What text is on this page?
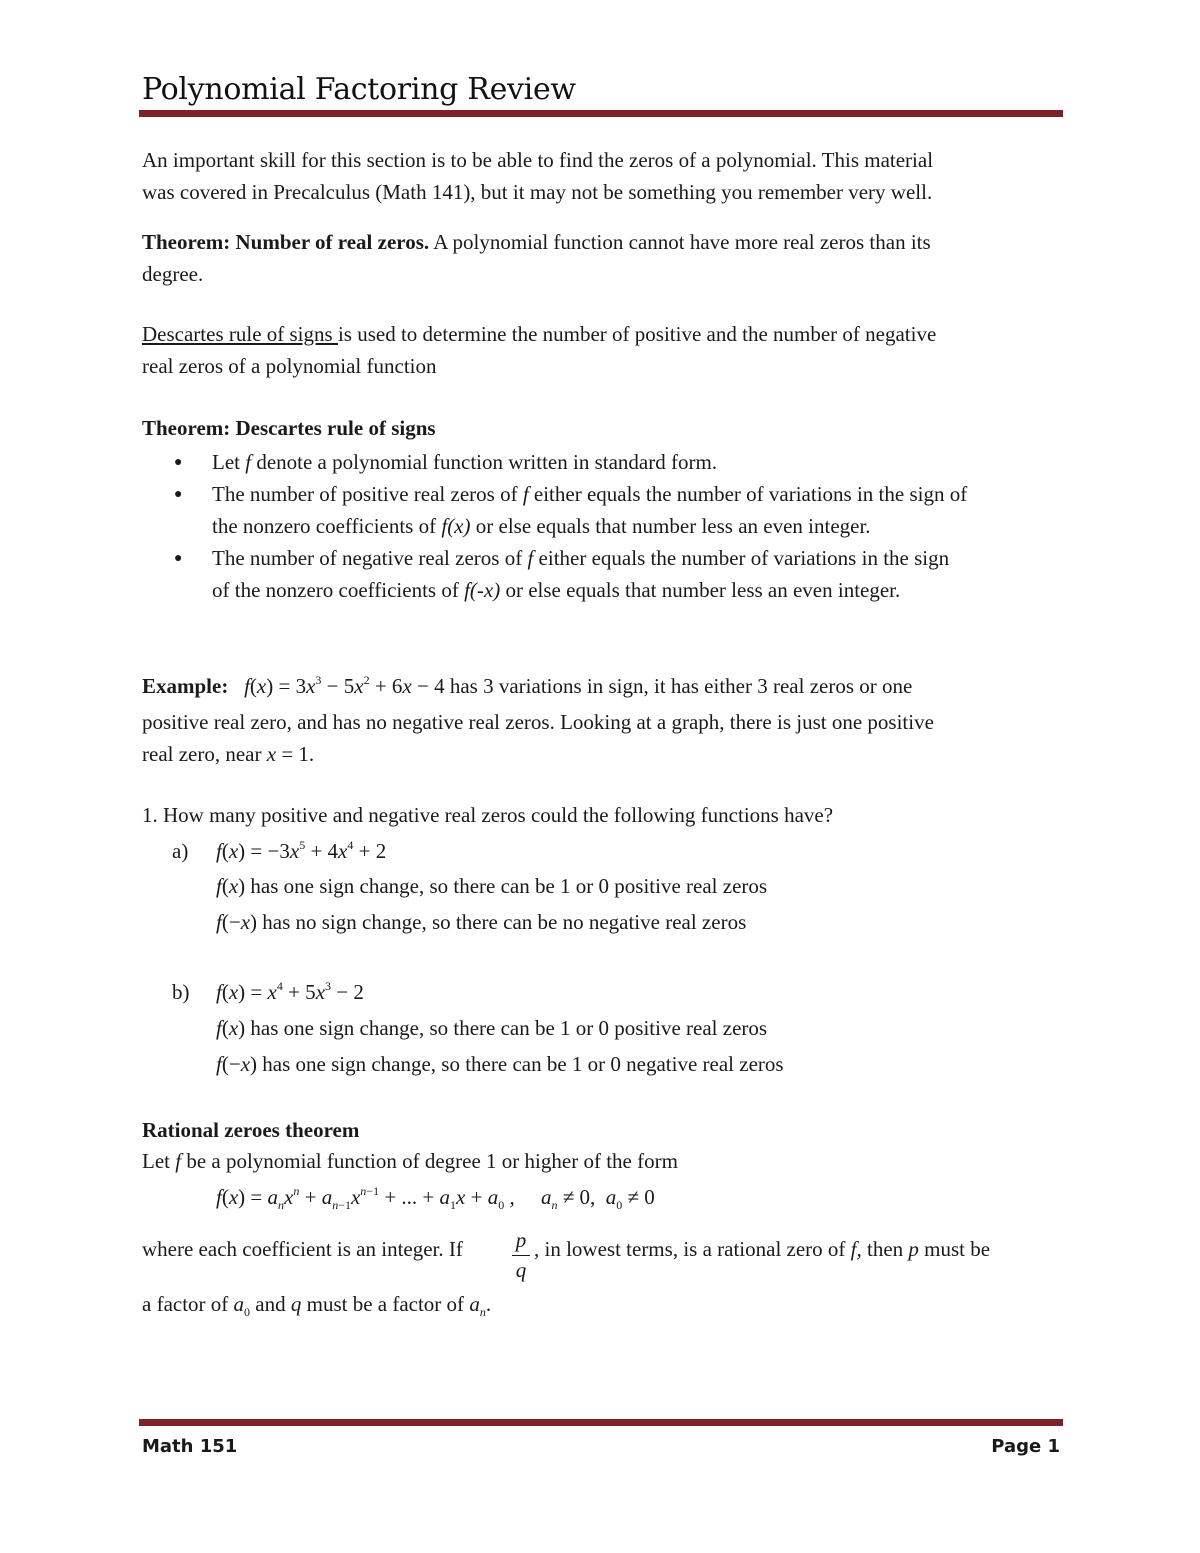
Polynomial Factoring Review
An important skill for this section is to be able to find the zeros of a polynomial. This material
was covered in Precalculus (Math 141), but it may not be something you remember very well.
Theorem: Number of real zeros. A polynomial function cannot have more real zeros than its
degree.
Descartes rule of signs is used to determine the number of positive and the number of negative
real zeros of a polynomial function
Theorem: Descartes rule of signs
● Let f denote a polynomial function written in standard form.
● The number of positive real zeros of f either equals the number of variations in the sign of
the nonzero coefficients of f(x) or else equals that number less an even integer.
● The number of negative real zeros of f either equals the number of variations in the sign
of the nonzero coefficients of f(-x) or else equals that number less an even integer.
Example: $f(x) = 3x^3 - 5x^2 + 6x - 4$ has 3 variations in sign, it has either 3 real zeros or one
positive real zero, and has no negative real zeros. Looking at a graph, there is just one positive
real zero, near x = 1.
1. How many positive and negative real zeros could the following functions have?
a) $f(x) = -3x^5 + 4x^4 + 2$
f(x) has one sign change, so there can be 1 or 0 positive real zeros
f(−x) has no sign change, so there can be no negative real zeros
b) $f(x) = x^4 + 5x^3 - 2$
f(x) has one sign change, so there can be 1 or 0 positive real zeros
f(−x) has one sign change, so there can be 1 or 0 negative real zeros
Rational zeroes theorem
Let f be a polynomial function of degree 1 or higher of the form
$f(x) = a_nx^n + a_{n-1}x^{n-1}$ + ... + $a_1x + a_0$ ,     $a_n \ne 0$,  $a_0 \ne 0$
where each coefficient is an integer. If $\frac{p}{q}$ , in lowest terms, is a rational zero of f, then p must be
a factor of $a_0$ and q must be a factor of $a_n$.
Math 151	Page 1
